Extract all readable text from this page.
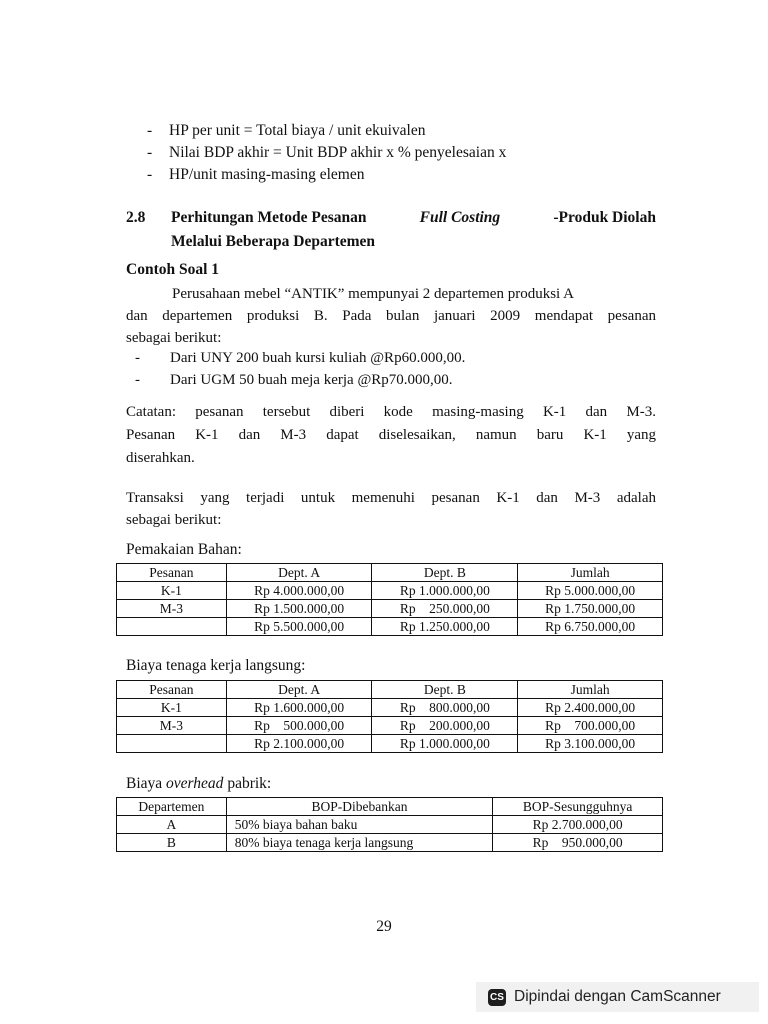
-	HP per unit = Total biaya / unit ekuivalen
-	Nilai BDP akhir = Unit BDP akhir x % penyelesaian x
-	HP/unit masing-masing elemen
2.8 Perhitungan Metode Pesanan	Full Costing	-Produk Diolah
Melalui Beberapa Departemen
Contoh Soal 1
Perusahaan mebel “ANTIK” mempunyai 2 departemen produksi A
dan departemen produksi B. Pada bulan januari 2009 mendapat pesanan
sebagai berikut:
-	Dari UNY 200 buah kursi kuliah @Rp60.000,00.
-	Dari UGM 50 buah meja kerja @Rp70.000,00.
Catatan: pesanan tersebut diberi kode masing-masing K-1 dan M-3.
Pesanan K-1 dan M-3 dapat diselesaikan, namun baru K-1 yang
diserahkan.
Transaksi yang terjadi untuk memenuhi pesanan K-1 dan M-3 adalah
sebagai berikut:
Pemakaian Bahan:
Pesanan	Dept. A	Dept. B	Jumlah
K-1	Rp 4.000.000,00	Rp 1.000.000,00	Rp 5.000.000,00
M-3	Rp 1.500.000,00	Rp    250.000,00	Rp 1.750.000,00
	Rp 5.500.000,00	Rp 1.250.000,00	Rp 6.750.000,00
Biaya tenaga kerja langsung:
Pesanan	Dept. A	Dept. B	Jumlah
K-1	Rp 1.600.000,00	Rp    800.000,00	Rp 2.400.000,00
M-3	Rp    500.000,00	Rp    200.000,00	Rp    700.000,00
	Rp 2.100.000,00	Rp 1.000.000,00	Rp 3.100.000,00
Biaya overhead pabrik:
Departemen	BOP-Dibebankan	BOP-Sesungguhnya
A	50% biaya bahan baku	Rp 2.700.000,00
B	80% biaya tenaga kerja langsung	Rp    950.000,00
29
CS Dipindai dengan CamScanner
